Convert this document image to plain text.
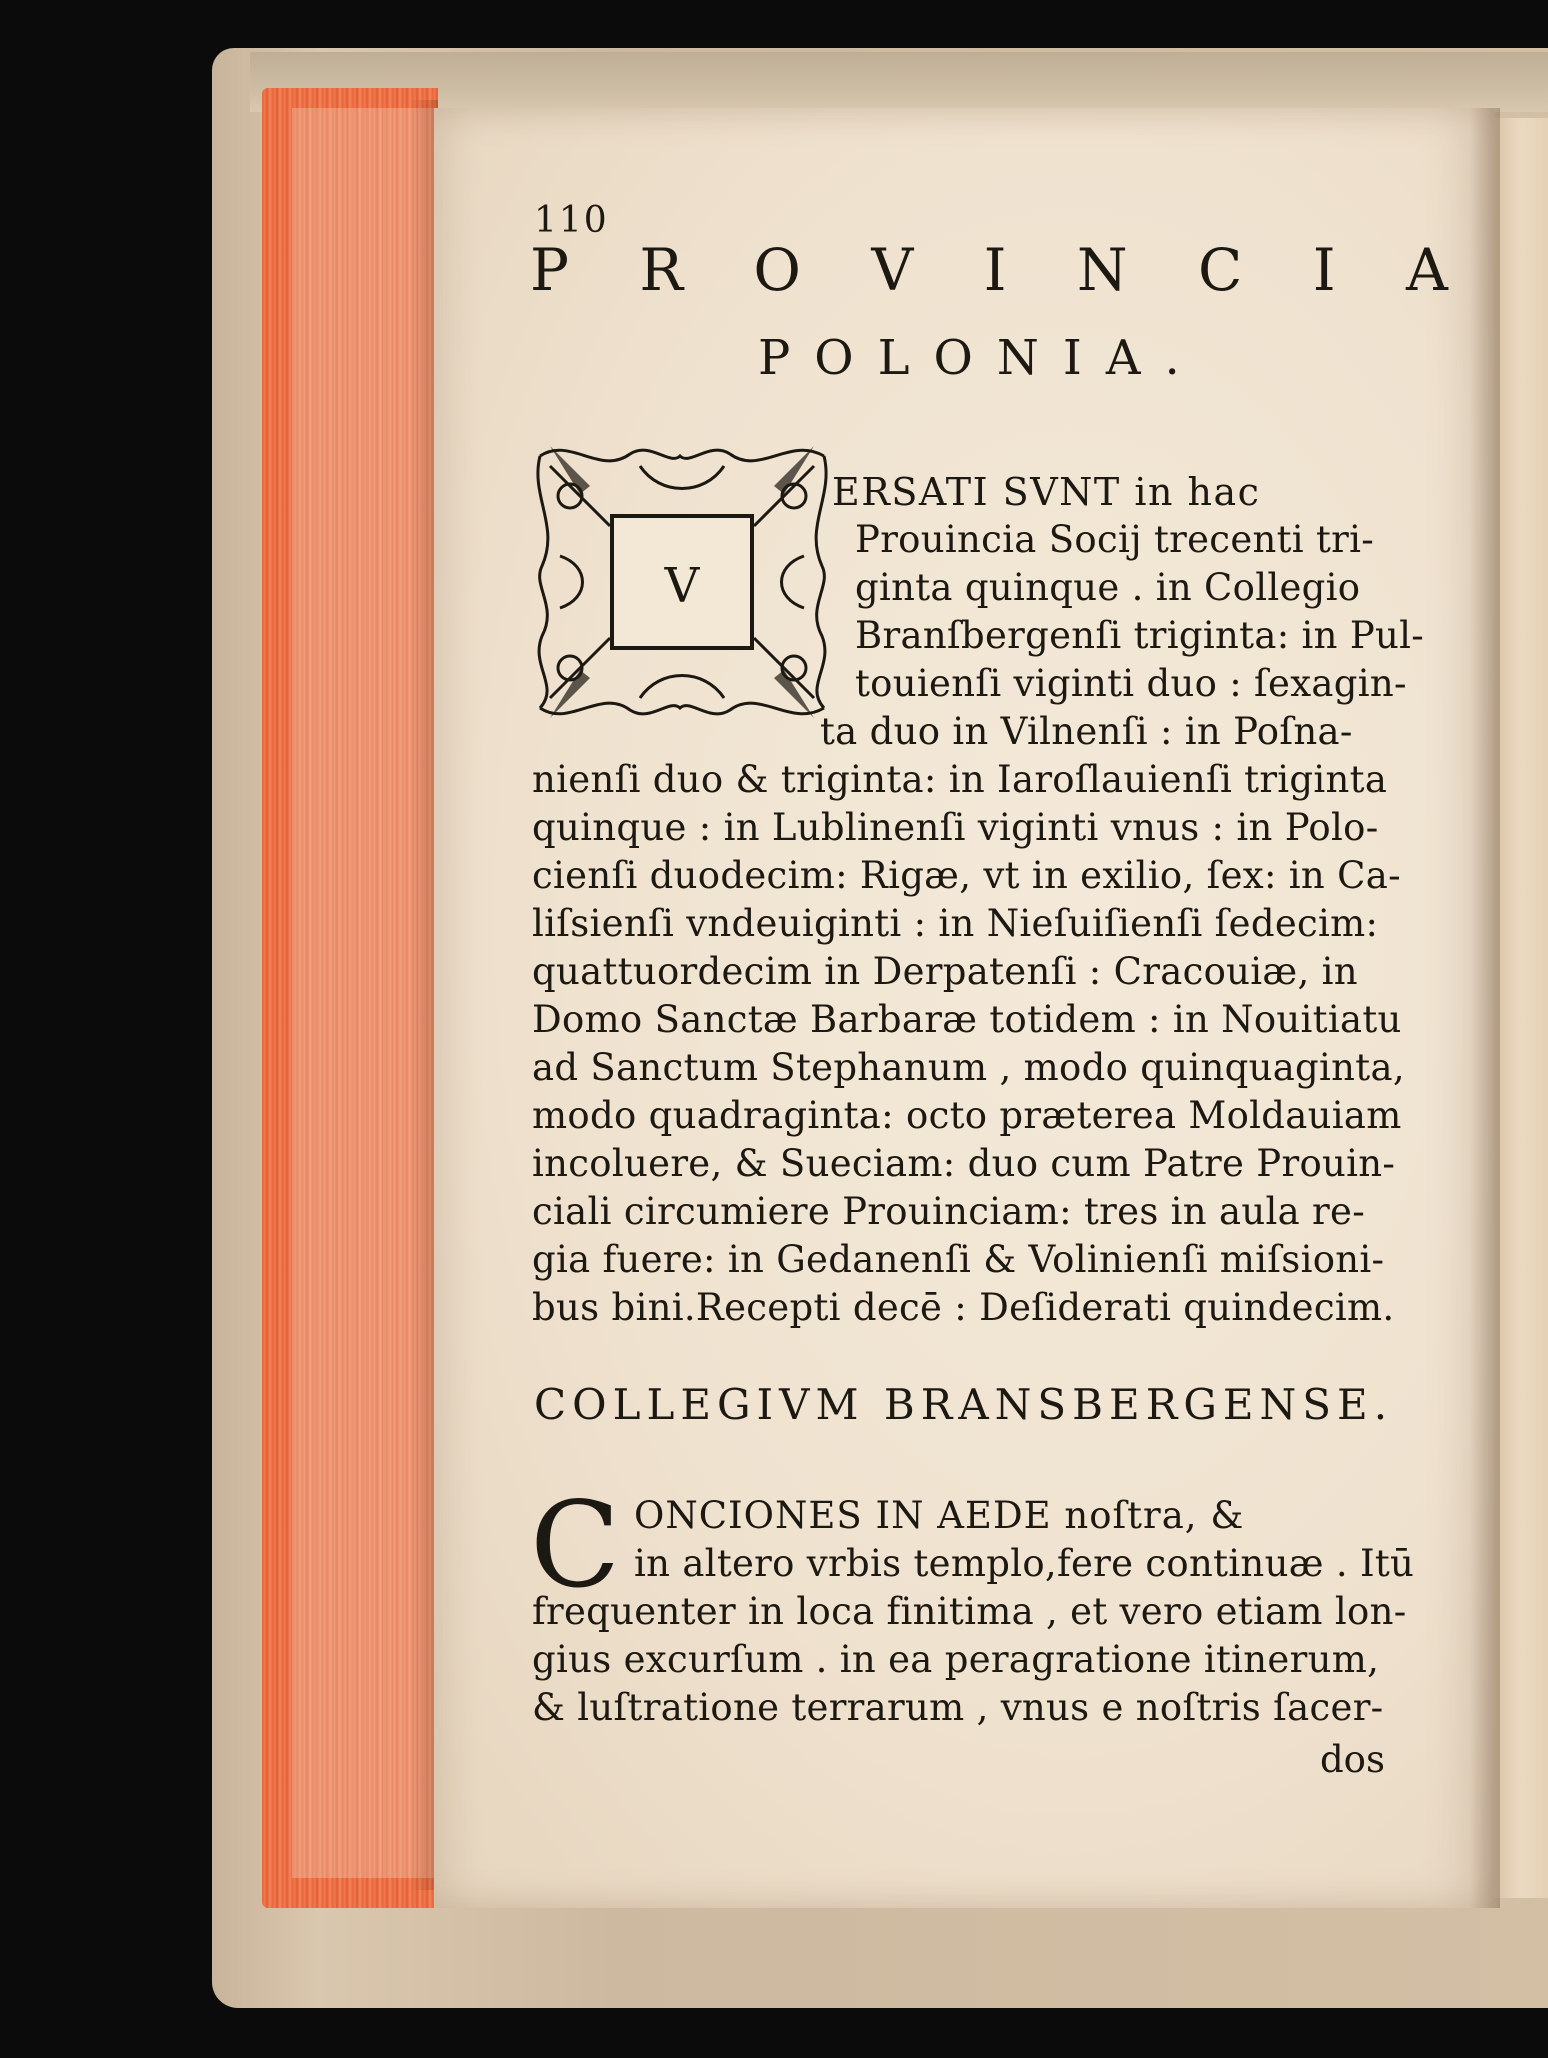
110
P R O V I N C I A
POLONIA.
V
ERSATI SVNT in hac
Prouincia Socij trecenti tri-
ginta quinque . in Collegio
Branſbergenſi triginta: in Pul-
touienſi viginti duo : ſexagin-
ta duo in Vilnenſi : in Poſna-
nienſi duo & triginta: in Iaroſlauienſi triginta
quinque : in Lublinenſi viginti vnus : in Polo-
cienſi duodecim: Rigæ, vt in exilio, ſex: in Ca-
liſsienſi vndeuiginti : in Nieſuiſienſi ſedecim:
quattuordecim in Derpatenſi : Cracouiæ, in
Domo Sanctæ Barbaræ totidem : in Nouitiatu
ad Sanctum Stephanum , modo quinquaginta,
modo quadraginta: octo præterea Moldauiam
incoluere, & Sueciam: duo cum Patre Prouin-
ciali circumiere Prouinciam: tres in aula re-
gia fuere: in Gedanenſi & Volinienſi miſsioni-
bus bini.Recepti decē : Deſiderati quindecim.
COLLEGIVM BRANSBERGENSE.
C ONCIONES IN AEDE noſtra, &
in altero vrbis templo,fere continuæ . Itū
frequenter in loca finitima , et vero etiam lon-
gius excurſum . in ea peragratione itinerum,
& luſtratione terrarum , vnus e noſtris ſacer-
dos
